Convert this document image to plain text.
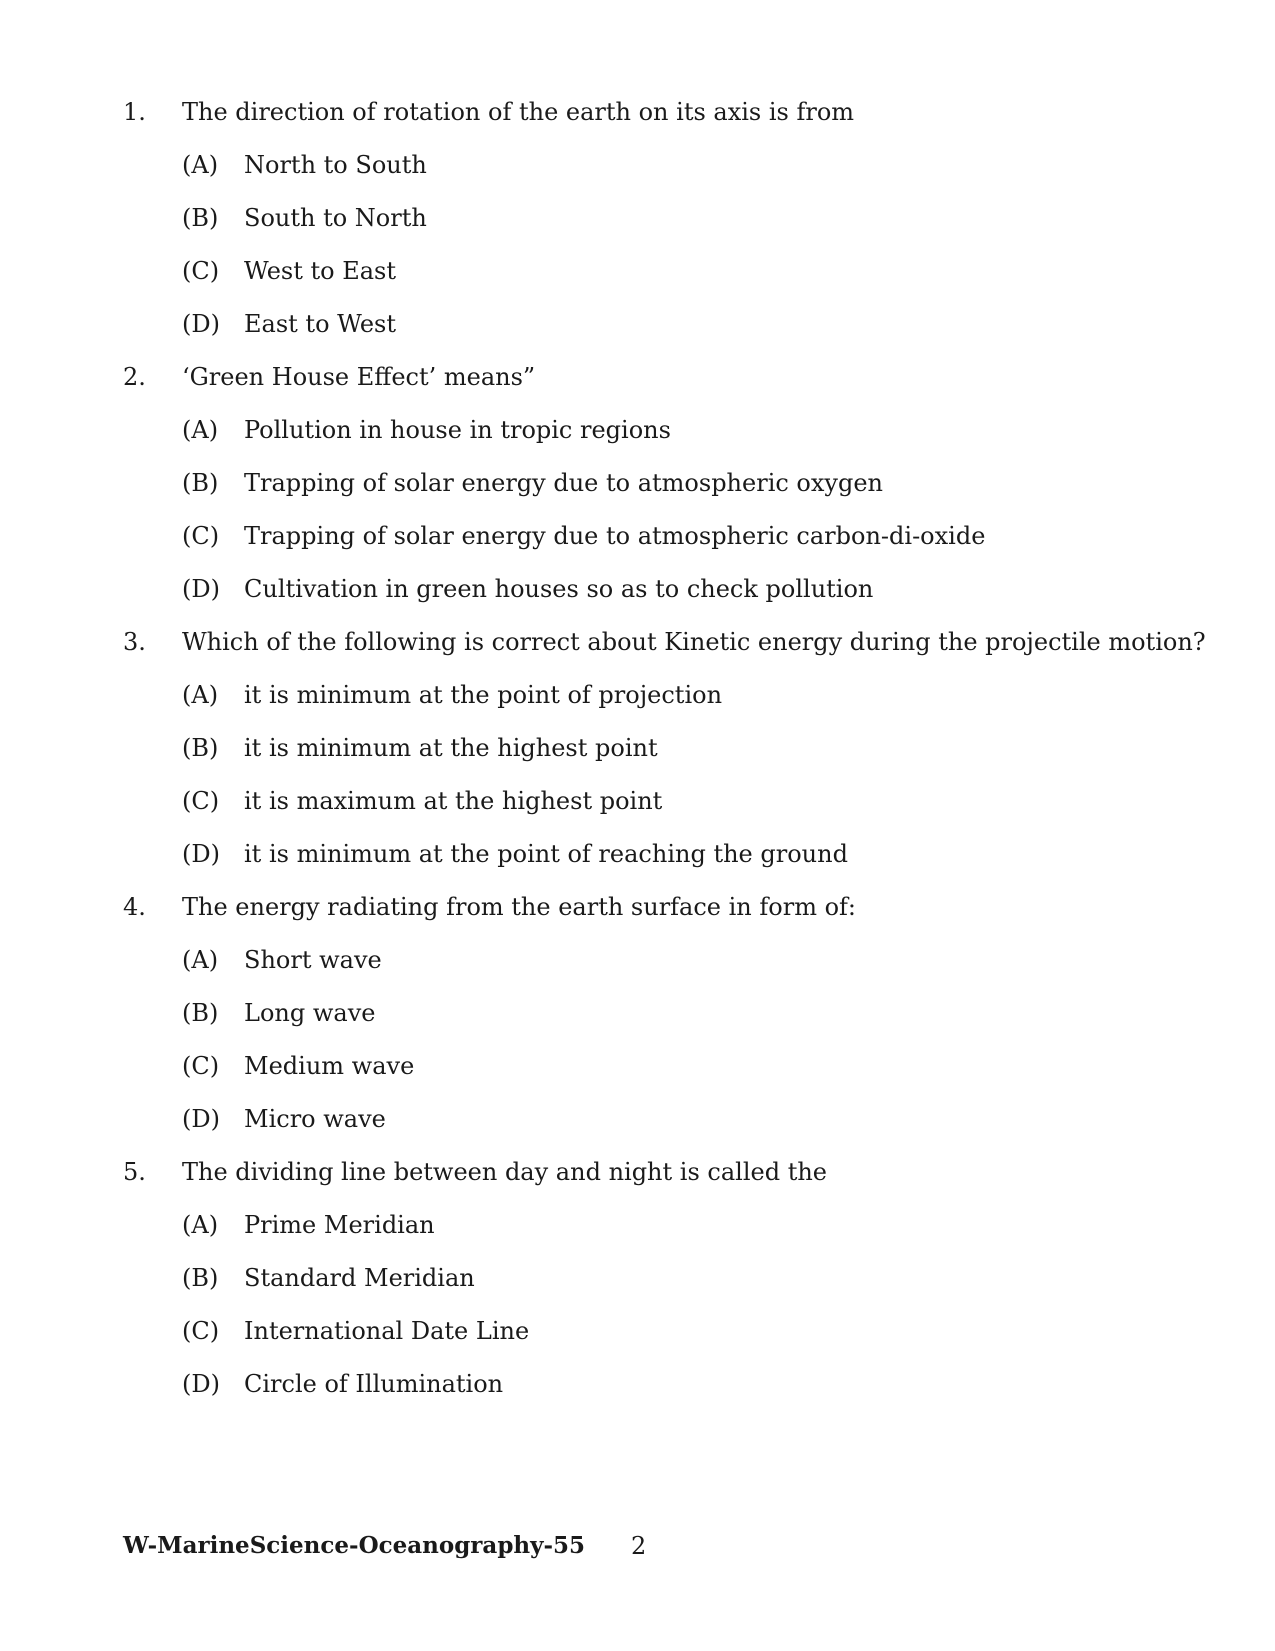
1. The direction of rotation of the earth on its axis is from
(A) North to South
(B) South to North
(C) West to East
(D) East to West
2. ‘Green House Effect’ means”
(A) Pollution in house in tropic regions
(B) Trapping of solar energy due to atmospheric oxygen
(C) Trapping of solar energy due to atmospheric carbon-di-oxide
(D) Cultivation in green houses so as to check pollution
3. Which of the following is correct about Kinetic energy during the projectile motion?
(A) it is minimum at the point of projection
(B) it is minimum at the highest point
(C) it is maximum at the highest point
(D) it is minimum at the point of reaching the ground
4. The energy radiating from the earth surface in form of:
(A) Short wave
(B) Long wave
(C) Medium wave
(D) Micro wave
5. The dividing line between day and night is called the
(A) Prime Meridian
(B) Standard Meridian
(C) International Date Line
(D) Circle of Illumination
W-MarineScience-Oceanography-55 2
